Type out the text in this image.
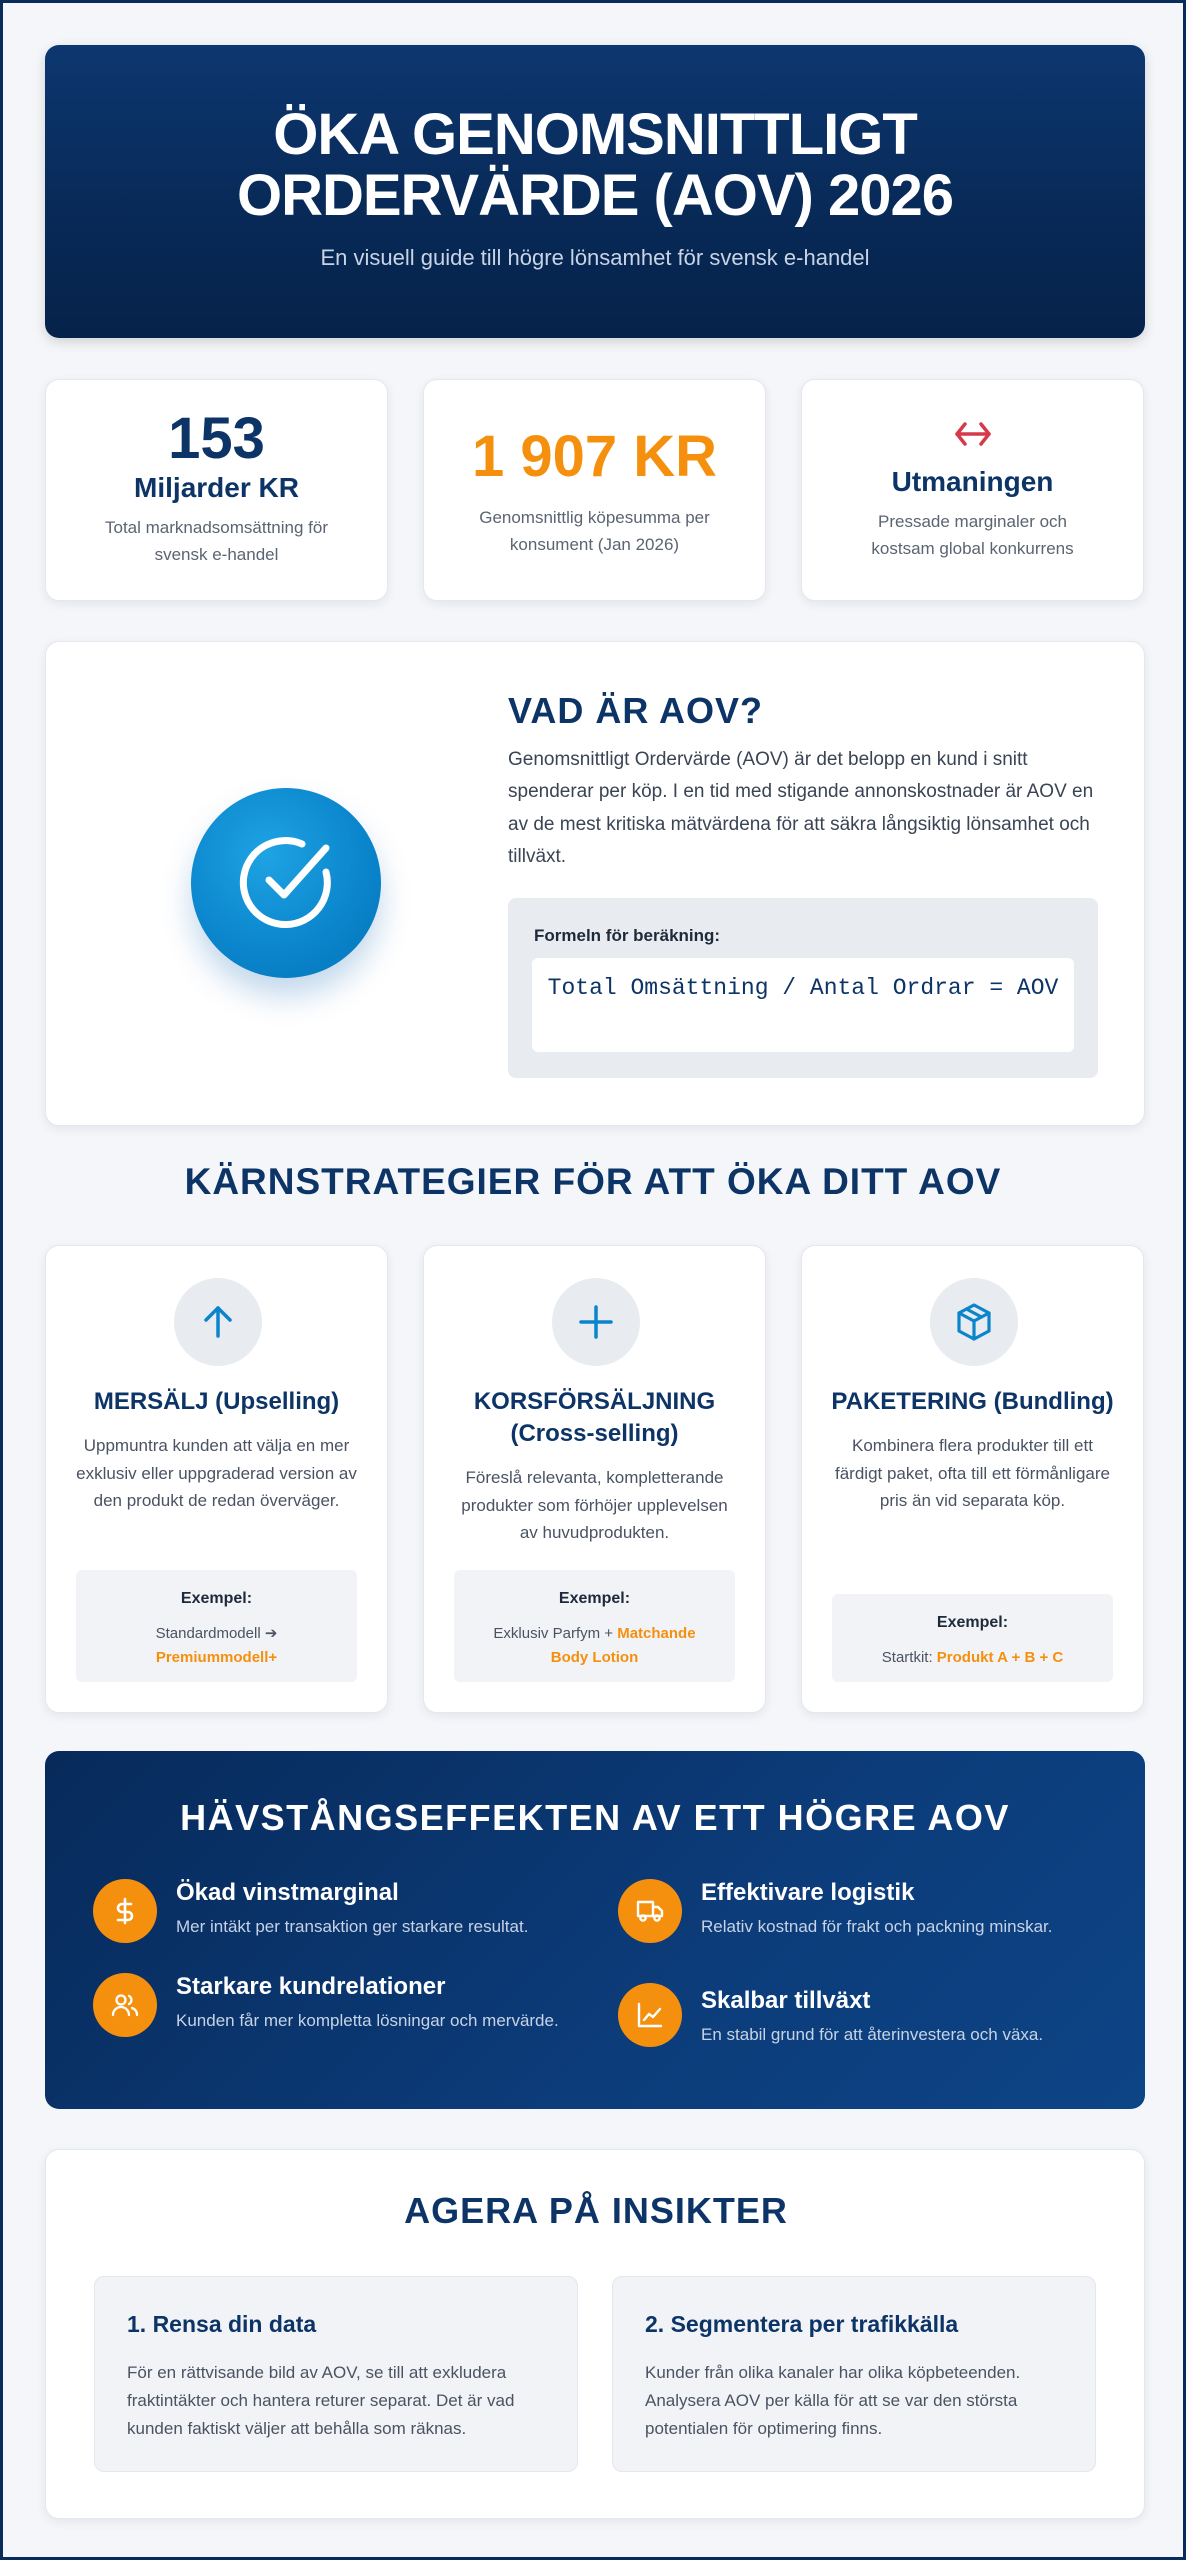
ÖKA GENOMSNITTLIGT ORDERVÄRDE (AOV) 2026
En visuell guide till högre lönsamhet för svensk e-handel
153
Miljarder KR
Total marknadsomsättning för svensk e-handel
1 907 KR
Genomsnittlig köpesumma per konsument (Jan 2026)
Utmaningen
Pressade marginaler och kostsam global konkurrens
VAD ÄR AOV?
Genomsnittligt Ordervärde (AOV) är det belopp en kund i snitt spenderar per köp. I en tid med stigande annonskostnader är AOV en av de mest kritiska mätvärdena för att säkra långsiktig lönsamhet och tillväxt.
Formeln för beräkning:
Total Omsättning / Antal Ordrar = AOV
KÄRNSTRATEGIER FÖR ATT ÖKA DITT AOV
MERSÄLJ (Upselling)
Uppmuntra kunden att välja en mer exklusiv eller uppgraderad version av den produkt de redan överväger.
Exempel:
Standardmodell ➔
Premiummodell+
KORSFÖRSÄLJNING (Cross-selling)
Föreslå relevanta, kompletterande produkter som förhöjer upplevelsen av huvudprodukten.
Exempel:
Exklusiv Parfym + Matchande Body Lotion
PAKETERING (Bundling)
Kombinera flera produkter till ett färdigt paket, ofta till ett förmånligare pris än vid separata köp.
Exempel:
Startkit: Produkt A + B + C
HÄVSTÅNGSEFFEKTEN AV ETT HÖGRE AOV
Ökad vinstmarginal
Mer intäkt per transaktion ger starkare resultat.
Effektivare logistik
Relativ kostnad för frakt och packning minskar.
Starkare kundrelationer
Kunden får mer kompletta lösningar och mervärde.
Skalbar tillväxt
En stabil grund för att återinvestera och växa.
AGERA PÅ INSIKTER
1. Rensa din data
För en rättvisande bild av AOV, se till att exkludera fraktintäkter och hantera returer separat. Det är vad kunden faktiskt väljer att behålla som räknas.
2. Segmentera per trafikkälla
Kunder från olika kanaler har olika köpbeteenden. Analysera AOV per källa för att se var den största potentialen för optimering finns.
